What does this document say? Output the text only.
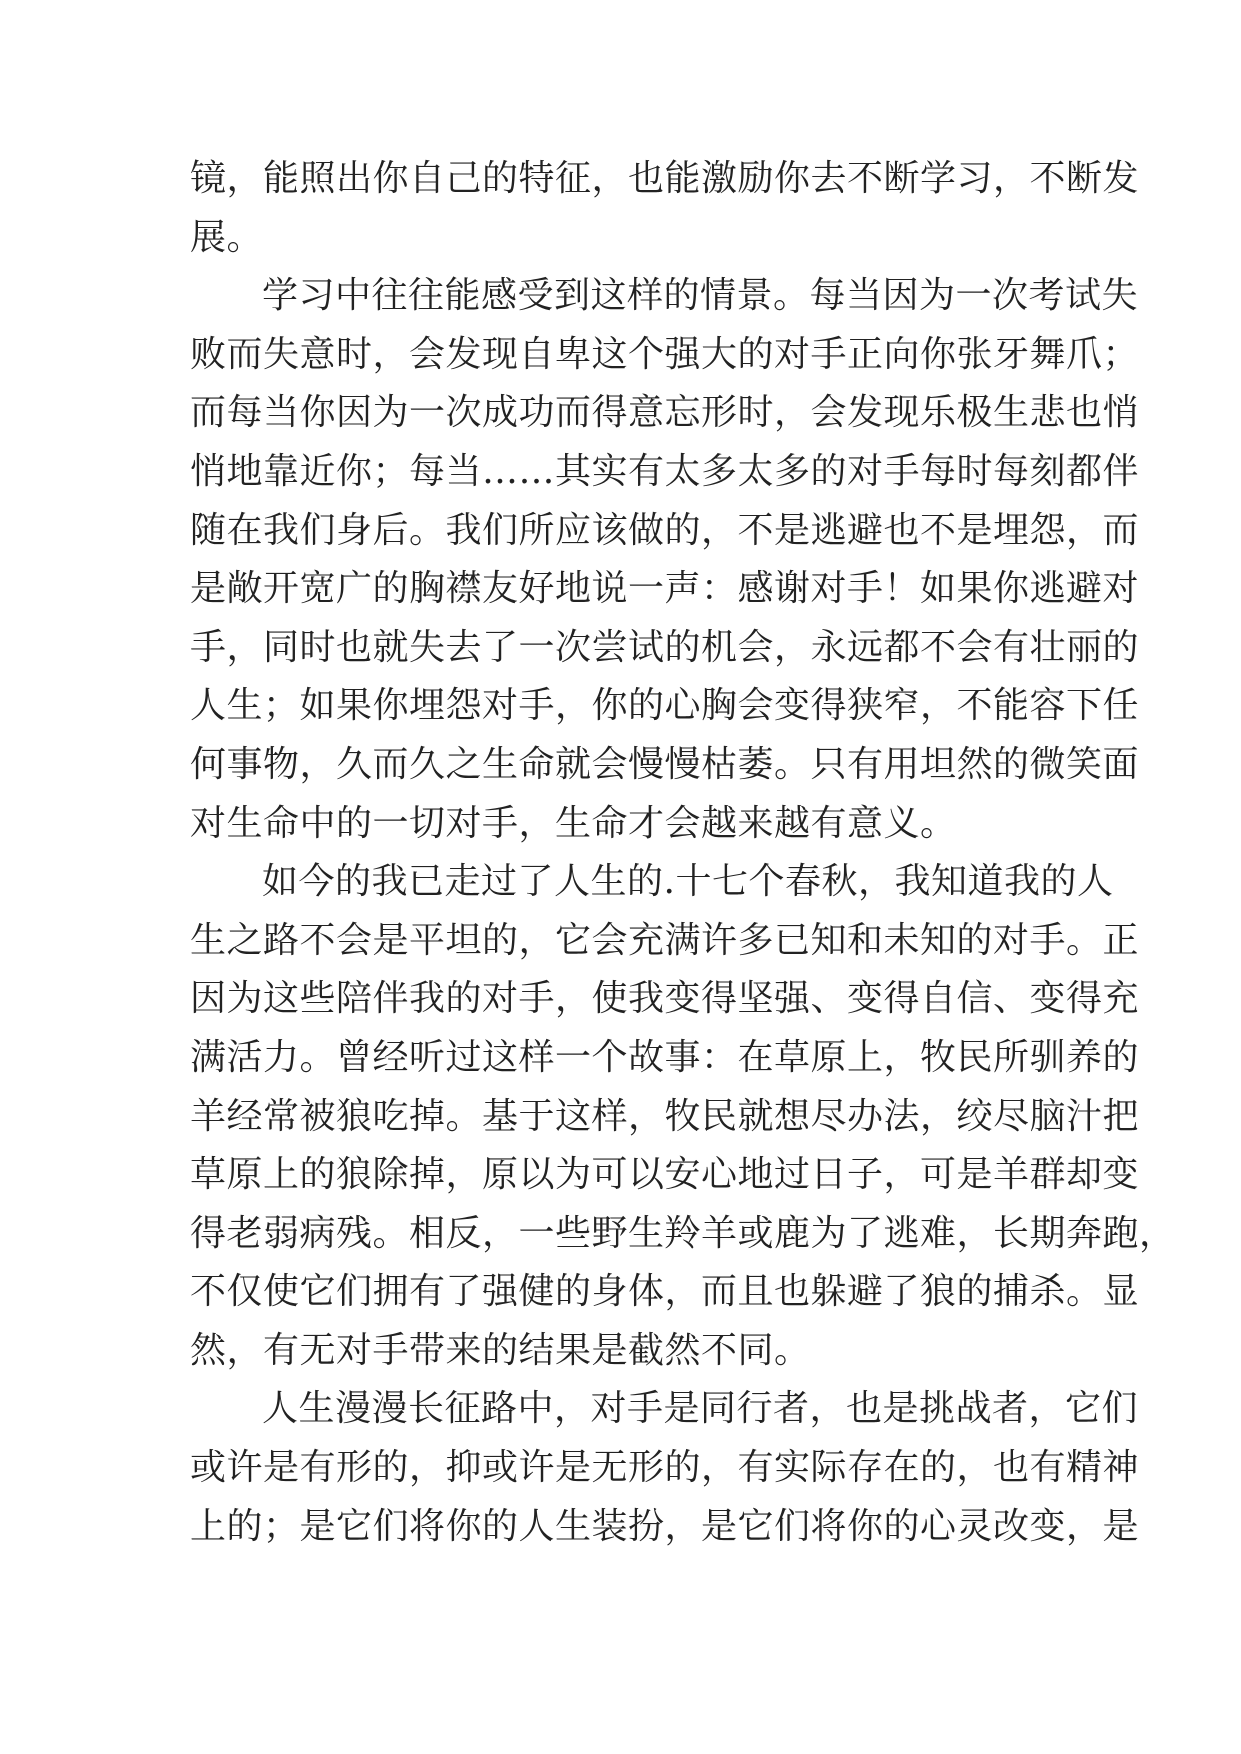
镜，能照出你自己的特征，也能激励你去不断学习，不断发
展。
学习中往往能感受到这样的情景。每当因为一次考试失
败而失意时，会发现自卑这个强大的对手正向你张牙舞爪；
而每当你因为一次成功而得意忘形时，会发现乐极生悲也悄
悄地靠近你；每当……其实有太多太多的对手每时每刻都伴
随在我们身后。我们所应该做的，不是逃避也不是埋怨，而
是敞开宽广的胸襟友好地说一声：感谢对手！如果你逃避对
手，同时也就失去了一次尝试的机会，永远都不会有壮丽的
人生；如果你埋怨对手，你的心胸会变得狭窄，不能容下任
何事物，久而久之生命就会慢慢枯萎。只有用坦然的微笑面
对生命中的一切对手，生命才会越来越有意义。
如今的我已走过了人生的.十七个春秋，我知道我的人
生之路不会是平坦的，它会充满许多已知和未知的对手。正
因为这些陪伴我的对手，使我变得坚强、变得自信、变得充
满活力。曾经听过这样一个故事：在草原上，牧民所驯养的
羊经常被狼吃掉。基于这样，牧民就想尽办法，绞尽脑汁把
草原上的狼除掉，原以为可以安心地过日子，可是羊群却变
得老弱病残。相反，一些野生羚羊或鹿为了逃难，长期奔跑，
不仅使它们拥有了强健的身体，而且也躲避了狼的捕杀。显
然，有无对手带来的结果是截然不同。
人生漫漫长征路中，对手是同行者，也是挑战者，它们
或许是有形的，抑或许是无形的，有实际存在的，也有精神
上的；是它们将你的人生装扮，是它们将你的心灵改变，是
